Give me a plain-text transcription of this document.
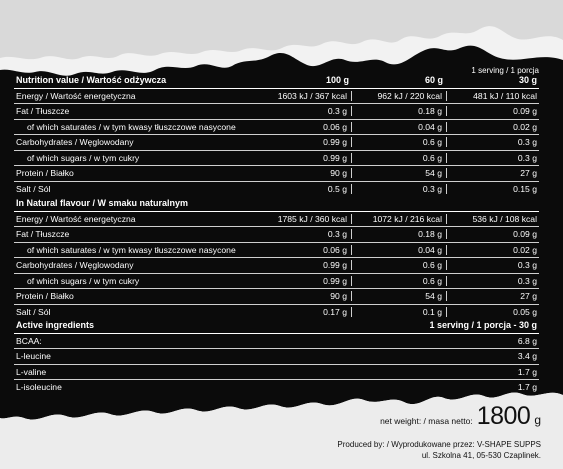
1 serving / 1 porcja
Nutrition value / Wartość odżywcza	100 g	60 g	30 g
Energy / Wartość energetyczna	1603 kJ / 367 kcal	962 kJ / 220 kcal	481 kJ / 110 kcal
Fat / Tłuszcze	0.3 g	0.18 g	0.09 g
of which saturates / w tym kwasy tłuszczowe nasycone	0.06 g	0.04 g	0.02 g
Carbohydrates / Węglowodany	0.99 g	0.6 g	0.3 g
of which sugars / w tym cukry	0.99 g	0.6 g	0.3 g
Protein / Białko	90 g	54 g	27 g
Salt / Sól	0.5 g	0.3 g	0.15 g
In Natural flavour / W smaku naturalnym
Energy / Wartość energetyczna	1785 kJ / 360 kcal	1072 kJ / 216 kcal	536 kJ / 108 kcal
Fat / Tłuszcze	0.3 g	0.18 g	0.09 g
of which saturates / w tym kwasy tłuszczowe nasycone	0.06 g	0.04 g	0.02 g
Carbohydrates / Węglowodany	0.99 g	0.6 g	0.3 g
of which sugars / w tym cukry	0.99 g	0.6 g	0.3 g
Protein / Białko	90 g	54 g	27 g
Salt / Sól	0.17 g	0.1 g	0.05 g
Active ingredients	1 serving / 1 porcja - 30 g
BCAA:	6.8 g
L-leucine	3.4 g
L-valine	1.7 g
L-isoleucine	1.7 g
net weight: / masa netto: 1800 g
Produced by: / Wyprodukowane przez: V-SHAPE SUPPS
ul. Szkolna 41, 05-530 Czaplinek.
